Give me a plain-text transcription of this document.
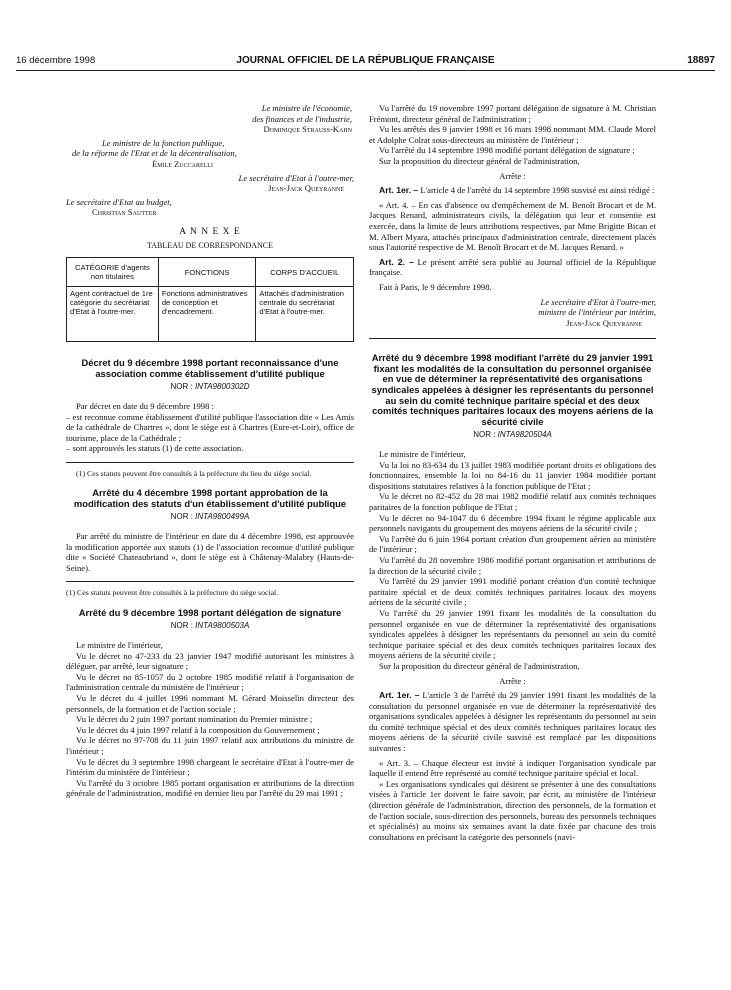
16 décembre 1998	JOURNAL OFFICIEL DE LA RÉPUBLIQUE FRANÇAISE	18897

Le ministre de l'économie,

des finances et de l'industrie,

Dominique Strauss-Kahn

Le ministre de la fonction publique,

de la réforme de l'Etat et de la décentralisation,

Émile Zuccarelli

Le secrétaire d'Etat à l'outre-mer,

Jean-Jack Queyranne

Le secrétaire d'Etat au budget,

Christian Sautter

A N N E X E

TABLEAU DE CORRESPONDANCE

CATÉGORIE d'agents non titulaires	FONCTIONS	CORPS D'ACCUEIL
Agent contractuel de 1re catégorie du secrétariat d'Etat à l'outre-mer.	Fonctions administratives de conception et d'encadrement.	Attachés d'administration centrale du secrétariat d'Etat à l'outre-mer.

Décret du 9 décembre 1998 portant reconnaissance d'une association comme établissement d'utilité publique

NOR : INTA9800302D

Par décret en date du 9 décembre 1998 :

– est reconnue comme établissement d'utilité publique l'association dite « Les Amis de la cathédrale de Chartres », dont le siège est à Chartres (Eure-et-Loir), office de tourisme, place de la Cathédrale ;

– sont approuvés les statuts (1) de cette association.

(1) Ces statuts peuvent être consultés à la préfecture du lieu du siège social.

Arrêté du 4 décembre 1998 portant approbation de la modification des statuts d'un établissement d'utilité publique

NOR : INTA9800499A

Par arrêté du ministre de l'intérieur en date du 4 décembre 1998, est approuvée la modification apportée aux statuts (1) de l'association reconnue d'utilité publique dite « Société Chateaubriand », dont le siège est à Châtenay-Malabry (Hauts-de-Seine).

(1) Ces statuts peuvent être consultés à la préfecture du siège social.

Arrêté du 9 décembre 1998 portant délégation de signature

NOR : INTA9800503A

Le ministre de l'intérieur,

Vu le décret no 47-233 du 23 janvier 1947 modifié autorisant les ministres à déléguer, par arrêté, leur signature ;

Vu le décret no 85-1057 du 2 octobre 1985 modifié relatif à l'organisation de l'administration centrale du ministère de l'intérieur ;

Vu le décret du 4 juillet 1996 nommant M. Gérard Moisselin directeur des personnels, de la formation et de l'action sociale ;

Vu le décret du 2 juin 1997 portant nomination du Premier ministre ;

Vu le décret du 4 juin 1997 relatif à la composition du Gouvernement ;

Vu le décret no 97-708 du 11 juin 1997 relatif aux attributions du ministre de l'intérieur ;

Vu le décret du 3 septembre 1998 chargeant le secrétaire d'Etat à l'outre-mer de l'intérim du ministère de l'intérieur ;

Vu l'arrêté du 3 octobre 1985 portant organisation et attributions de la direction générale de l'administration, modifié en dernier lieu par l'arrêté du 29 mai 1991 ;

Vu l'arrêté du 19 novembre 1997 portant délégation de signature à M. Christian Frémont, directeur général de l'administration ;

Vu les arrêtés des 9 janvier 1998 et 16 mars 1998 nommant MM. Claude Morel et Adolphe Colrat sous-directeurs au ministère de l'intérieur ;

Vu l'arrêté du 14 septembre 1998 modifié portant délégation de signature ;

Sur la proposition du directeur général de l'administration,

Arrête :

Art. 1er. – L'article 4 de l'arrêté du 14 septembre 1998 susvisé est ainsi rédigé :

« Art. 4. – En cas d'absence ou d'empêchement de M. Benoît Brocart et de M. Jacques Renard, administrateurs civils, la délégation qui leur et consentie est exercée, dans la limite de leurs attributions respectives, par Mme Brigitte Bican et M. Albert Myara, attachés principaux d'administration centrale, directement placés sous l'autorité respective de M. Benoît Brocart et de M. Jacques Renard. »

Art. 2. – Le présent arrêté sera publié au Journal officiel de la République française.

Fait à Paris, le 9 décembre 1998.

Le secrétaire d'Etat à l'outre-mer,

ministre de l'intérieur par intérim,

Jean-Jack Queyranne

Arrêté du 9 décembre 1998 modifiant l'arrêté du 29 janvier 1991 fixant les modalités de la consultation du personnel organisée en vue de déterminer la représentativité des organisations syndicales appelées à désigner les représentants du personnel au sein du comité technique paritaire spécial et des deux comités techniques paritaires locaux des moyens aériens de la sécurité civile

NOR : INTA9820504A

Le ministre de l'intérieur,

Vu la loi no 83-634 du 13 juillet 1983 modifiée portant droits et obligations des fonctionnaires, ensemble la loi no 84-16 du 11 janvier 1984 modifiée portant dispositions statutaires relatives à la fonction publique de l'Etat ;

Vu le décret no 82-452 du 28 mai 1982 modifié relatif aux comités techniques paritaires de la fonction publique de l'Etat ;

Vu le décret no 94-1047 du 6 décembre 1994 fixant le régime applicable aux personnels navigants du groupement des moyens aériens de la sécurité civile ;

Vu l'arrêté du 6 juin 1964 portant création d'un groupement aérien au ministère de l'intérieur ;

Vu l'arrêté du 28 novembre 1986 modifié portant organisation et attributions de la direction de la sécurité civile ;

Vu l'arrêté du 29 janvier 1991 modifié portant création d'un comité technique paritaire spécial et de deux comités techniques paritaires locaux des moyens aériens de la sécurité civile ;

Vu l'arrêté du 29 janvier 1991 fixant les modalités de la consultation du personnel organisée en vue de déterminer la représentativité des organisations syndicales appelées à désigner les représentants du personnel au sein du comité technique paritaire spécial et des deux comités techniques paritaires locaux des moyens aériens de la sécurité civile ;

Sur la proposition du directeur général de l'administration,

Arrête :

Art. 1er. – L'article 3 de l'arrêté du 29 janvier 1991 fixant les modalités de la consultation du personnel organisée en vue de déterminer la représentativité des organisations syndicales appelées à désigner les représentants du personnel au sein du comité technique spécial et des deux comités techniques paritaires locaux des moyens aériens de la sécurité civile susvisé est remplacé par les dispositions suivantes :

« Art. 3. – Chaque électeur est invité à indiquer l'organisation syndicale par laquelle il entend être représenté au comité technique paritaire spécial et local.

« Les organisations syndicales qui désirent se présenter à une des consultations visées à l'article 1er doivent le faire savoir, par écrit, au ministère de l'intérieur (direction générale de l'administration, direction des personnels, de la formation et de l'action sociale, sous-direction des personnels, bureau des personnels techniques et spécialisés) au moins six semaines avant la date fixée par chacune des trois consultations en précisant la catégorie des personnels (navi-
